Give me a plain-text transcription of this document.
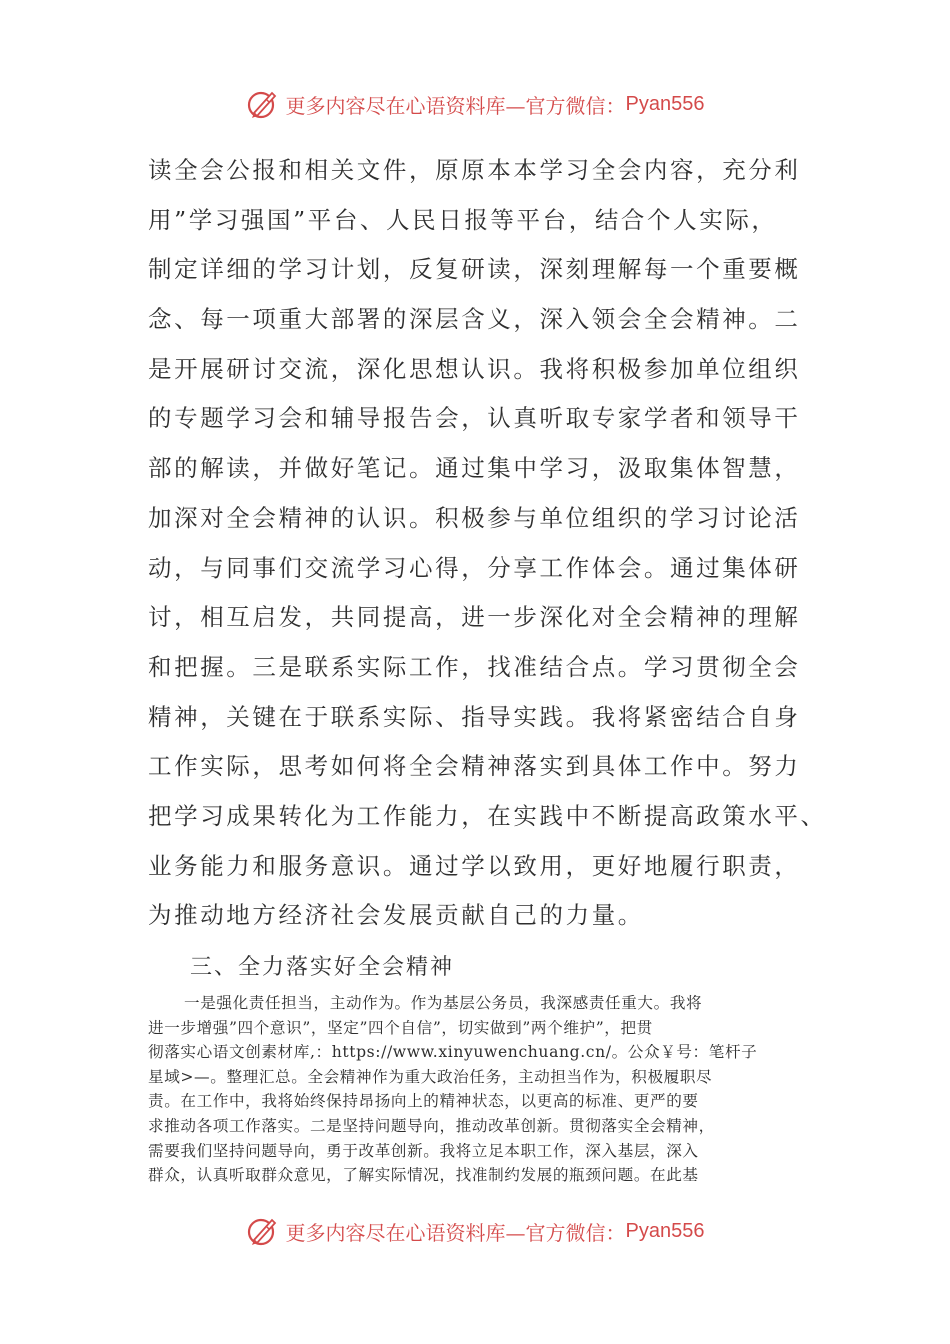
更多内容尽在心语资料库—官方微信： Pyan556
读全会公报和相关文件，原原本本学习全会内容，充分利
用”学习强国”平台、人民日报等平台，结合个人实际，
制定详细的学习计划，反复研读，深刻理解每一个重要概
念、每一项重大部署的深层含义，深入领会全会精神。二
是开展研讨交流，深化思想认识。我将积极参加单位组织
的专题学习会和辅导报告会，认真听取专家学者和领导干
部的解读，并做好笔记。通过集中学习，汲取集体智慧，
加深对全会精神的认识。积极参与单位组织的学习讨论活
动，与同事们交流学习心得，分享工作体会。通过集体研
讨，相互启发，共同提高，进一步深化对全会精神的理解
和把握。三是联系实际工作，找准结合点。学习贯彻全会
精神，关键在于联系实际、指导实践。我将紧密结合自身
工作实际，思考如何将全会精神落实到具体工作中。努力
把学习成果转化为工作能力，在实践中不断提高政策水平、
业务能力和服务意识。通过学以致用，更好地履行职责，
为推动地方经济社会发展贡献自己的力量。
三、全力落实好全会精神
一是强化责任担当，主动作为。作为基层公务员，我深感责任重大。我将
进一步增强”四个意识”，坚定”四个自信”，切实做到”两个维护”，把贯
彻落实心语文创素材库,：https://www.xinyuwenchuang.cn/。公众￥号：笔杆子
星域>—。整理汇总。全会精神作为重大政治任务，主动担当作为，积极履职尽
责。在工作中，我将始终保持昂扬向上的精神状态，以更高的标准、更严的要
求推动各项工作落实。二是坚持问题导向，推动改革创新。贯彻落实全会精神，
需要我们坚持问题导向，勇于改革创新。我将立足本职工作，深入基层，深入
群众，认真听取群众意见，了解实际情况，找准制约发展的瓶颈问题。在此基
更多内容尽在心语资料库—官方微信： Pyan556
